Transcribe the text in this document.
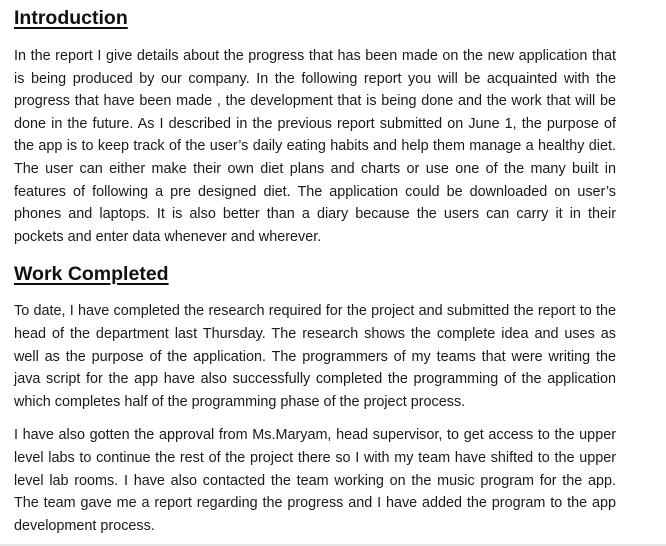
Introduction

In the report I give details about the progress that has been made on the new application that is being produced by our company. In the following report you will be acquainted with the progress that have been made , the development that is being done and the work that will be done in the future. As I described in the previous report submitted on June 1, the purpose of the app is to keep track of the user’s daily eating habits and help them manage a healthy diet. The user can either make their own diet plans and charts or use one of the many built in features of following a pre designed diet. The application could be downloaded on user’s phones and laptops. It is also better than a diary because the users can carry it in their pockets and enter data whenever and wherever.

Work Completed

To date, I have completed the research required for the project and submitted the report to the head of the department last Thursday. The research shows the complete idea and uses as well as the purpose of the application. The programmers of my teams that were writing the java script for the app have also successfully completed the programming of the application which completes half of the programming phase of the project process.

I have also gotten the approval from Ms.Maryam, head supervisor, to get access to the upper level labs to continue the rest of the project there so I with my team have shifted to the upper level lab rooms. I have also contacted the team working on the music program for the app. The team gave me a report regarding the progress and I have added the program to the app development process.
